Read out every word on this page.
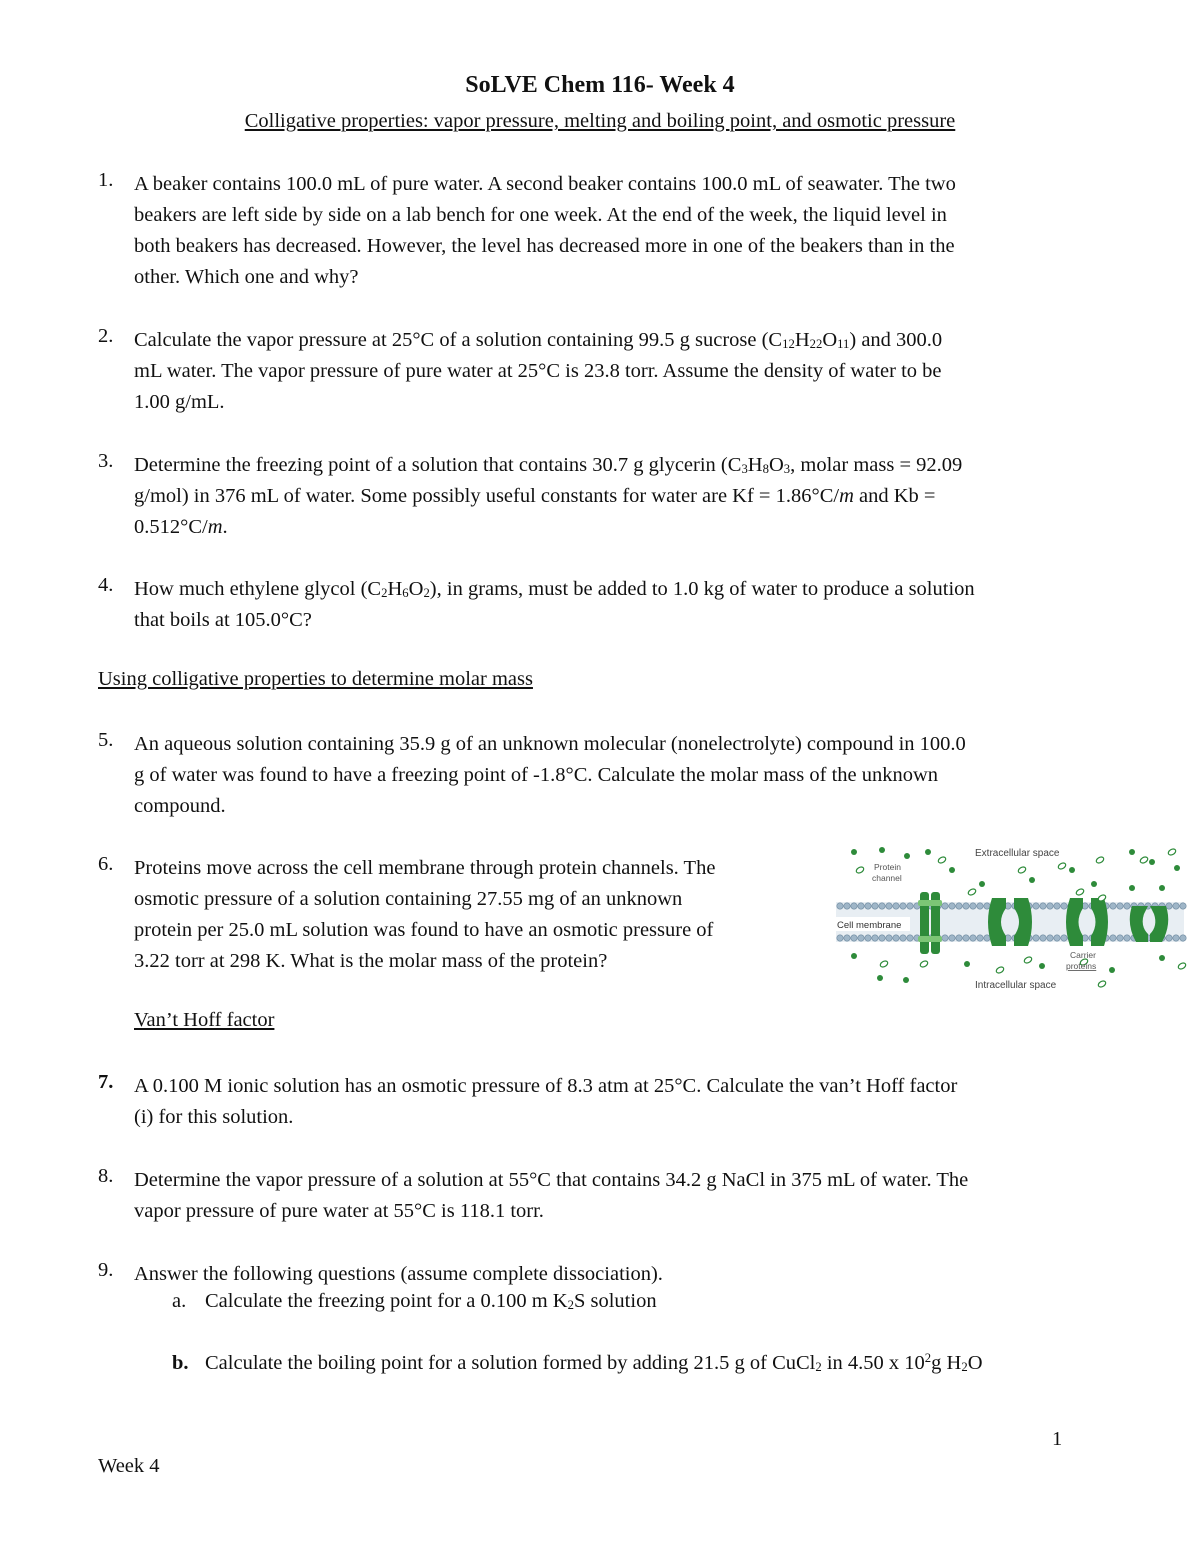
SoLVE Chem 116- Week 4
Colligative properties: vapor pressure, melting and boiling point, and osmotic pressure
1.	A beaker contains 100.0 mL of pure water. A second beaker contains 100.0 mL of seawater. The two
beakers are left side by side on a lab bench for one week. At the end of the week, the liquid level in
both beakers has decreased. However, the level has decreased more in one of the beakers than in the
other. Which one and why?
2.	Calculate the vapor pressure at 25°C of a solution containing 99.5 g sucrose $(C_{12}H_{22}O_{11})$ and 300.0
mL water. The vapor pressure of pure water at 25°C is 23.8 torr. Assume the density of water to be
1.00 g/mL.
3.	Determine the freezing point of a solution that contains 30.7 g glycerin ($C_3H_8O_3$, molar mass = 92.09
g/mol) in 376 mL of water. Some possibly useful constants for water are Kf = 1.86°C/m and Kb =
0.512°C/m.
4.	How much ethylene glycol $(C_2H_6O_2)$, in grams, must be added to 1.0 kg of water to produce a solution
that boils at 105.0°C?
Using colligative properties to determine molar mass
5.	An aqueous solution containing 35.9 g of an unknown molecular (nonelectrolyte) compound in 100.0
g of water was found to have a freezing point of -1.8°C. Calculate the molar mass of the unknown
compound.
6.	Proteins move across the cell membrane through protein channels. The
osmotic pressure of a solution containing 27.55 mg of an unknown
protein per 25.0 mL solution was found to have an osmotic pressure of
3.22 torr at 298 K. What is the molar mass of the protein?
Cell membrane
Extracellular space
Intracellular space
Protein
channel
Carrier
proteins
Van’t Hoff factor
7.	A 0.100 M ionic solution has an osmotic pressure of 8.3 atm at 25°C. Calculate the van’t Hoff factor
(i) for this solution.
8.	Determine the vapor pressure of a solution at 55°C that contains 34.2 g NaCl in 375 mL of water. The
vapor pressure of pure water at 55°C is 118.1 torr.
9.	Answer the following questions (assume complete dissociation).
a. Calculate the freezing point for a 0.100 m $K_2S$ solution
b. Calculate the boiling point for a solution formed by adding 21.5 g of CuCl$_2$ in 4.50 x $10^2g$ $H_2O$
1
Week 4
